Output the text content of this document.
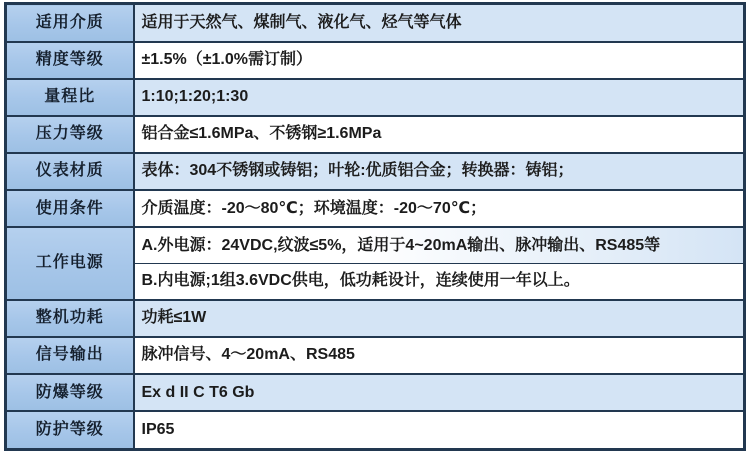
适用介质	适用于天然气、煤制气、液化气、烃气等气体
精度等级	±1.5%（±1.0%需订制）
量程比	1:10;1:20;1:30
压力等级	铝合金≤1.6MPa、不锈钢≥1.6MPa
仪表材质	表体：304不锈钢或铸铝；叶轮:优质铝合金；转换器：铸铝；
使用条件	介质温度：-20～80℃；环境温度：-20～70℃；
工作电源	A.外电源：24VDC,纹波≤5%，适用于4~20mA输出、脉冲输出、RS485等
	B.内电源;1组3.6VDC供电，低功耗设计，连续使用一年以上。
整机功耗	功耗≤1W
信号输出	脉冲信号、4～20mA、RS485
防爆等级	Ex d II C T6 Gb
防护等级	IP65
